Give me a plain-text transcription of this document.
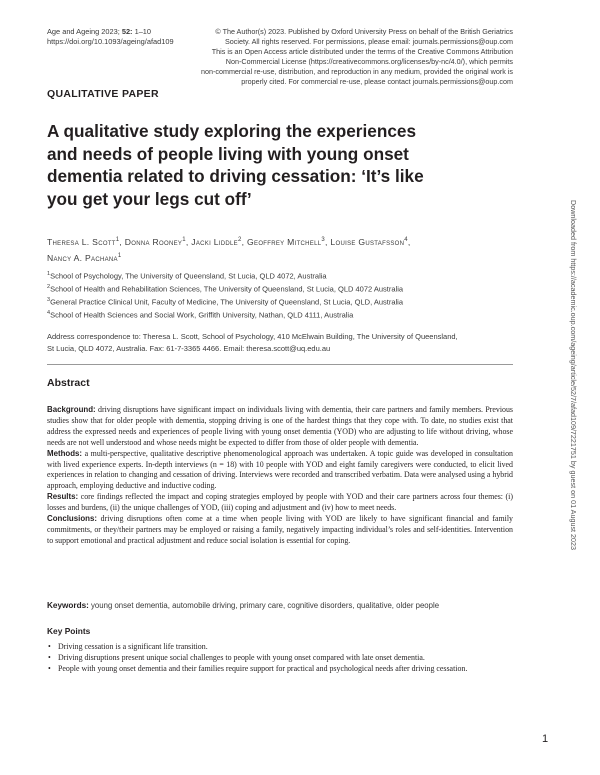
Age and Ageing 2023; 52: 1–10
https://doi.org/10.1093/ageing/afad109
© The Author(s) 2023. Published by Oxford University Press on behalf of the British Geriatrics
Society. All rights reserved. For permissions, please email: journals.permissions@oup.com
This is an Open Access article distributed under the terms of the Creative Commons Attribution
Non-Commercial License (https://creativecommons.org/licenses/by-nc/4.0/), which permits
non-commercial re-use, distribution, and reproduction in any medium, provided the original work is
properly cited. For commercial re-use, please contact journals.permissions@oup.com
QUALITATIVE PAPER
A qualitative study exploring the experiences
and needs of people living with young onset
dementia related to driving cessation: ‘It’s like
you get your legs cut off’
Theresa L. Scott$^1$, Donna Rooney$^1$, Jacki Liddle$^2$, Geoffrey Mitchell$^3$, Louise Gustafsson$^4$,
Nancy A. Pachana$^1$
$^1$School of Psychology, The University of Queensland, St Lucia, QLD 4072, Australia
$^2$School of Health and Rehabilitation Sciences, The University of Queensland, St Lucia, QLD 4072 Australia
$^3$General Practice Clinical Unit, Faculty of Medicine, The University of Queensland, St Lucia, QLD, Australia
$^4$School of Health Sciences and Social Work, Griffith University, Nathan, QLD 4111, Australia
Address correspondence to: Theresa L. Scott, School of Psychology, 410 McElwain Building, The University of Queensland,
St Lucia, QLD 4072, Australia. Fax: 61-7-3365 4466. Email: theresa.scott@uq.edu.au
Abstract

Background: driving disruptions have significant impact on individuals living with dementia, their care partners and family members. Previous studies show that for older people with dementia, stopping driving is one of the hardest things that they cope with. To date, no studies exist that address the expressed needs and experiences of people living with young onset dementia (YOD) who are adjusting to life without driving, whose needs are not well understood and whose needs might be expected to differ from those of older people with dementia.

Methods: a multi-perspective, qualitative descriptive phenomenological approach was undertaken. A topic guide was developed in consultation with lived experience experts. In-depth interviews (n = 18) with 10 people with YOD and eight family caregivers were conducted, to elicit lived experiences in relation to changing and cessation of driving. Interviews were recorded and transcribed verbatim. Data were analysed using a hybrid approach, employing deductive and inductive coding.

Results: core findings reflected the impact and coping strategies employed by people with YOD and their care partners across four themes: (i) losses and burdens, (ii) the unique challenges of YOD, (iii) coping and adjustment and (iv) how to meet needs.

Conclusions: driving disruptions often come at a time when people living with YOD are likely to have significant financial and family commitments, or they/their partners may be employed or raising a family, negatively impacting individual’s roles and self-identities. Intervention to support emotional and practical adjustment and reduce social isolation is essential for coping.

Keywords: young onset dementia, automobile driving, primary care, cognitive disorders, qualitative, older people
Key Points
• Driving cessation is a significant life transition.
• Driving disruptions present unique social challenges to people with young onset compared with late onset dementia.
• People with young onset dementia and their families require support for practical and psychological needs after driving cessation.
1
Downloaded from https://academic.oup.com/ageing/article/52/7/afad109/7221751 by guest on 01 August 2023
